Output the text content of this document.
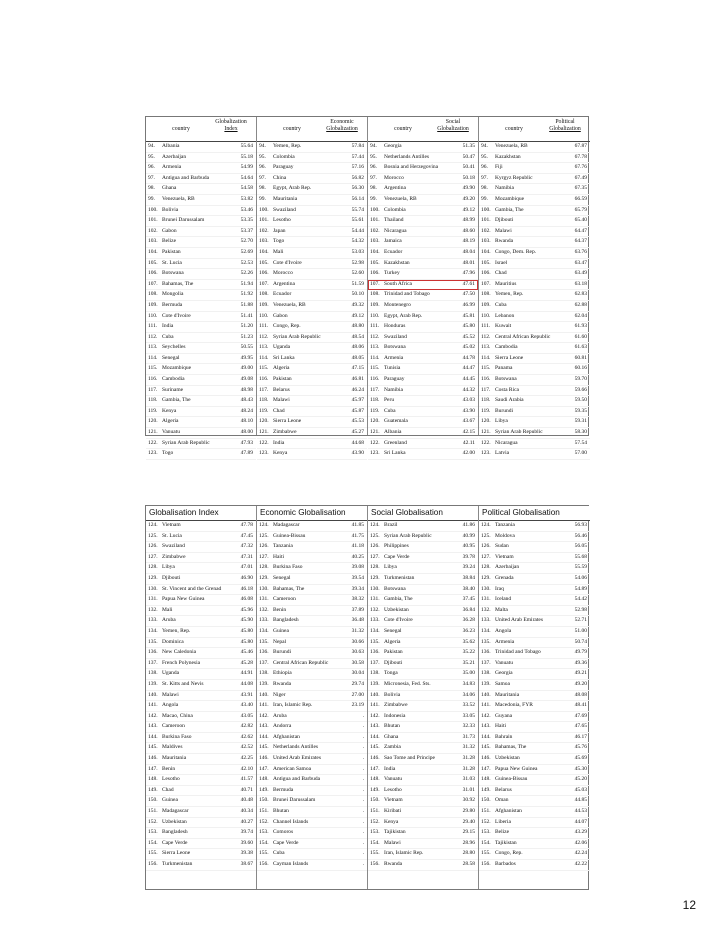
country
Globalization
Index
94.	Albania	55.64
95.	Azerbaijan	55.18
96.	Armenia	54.99
97.	Antigua and Barbuda	54.64
98.	Ghana	54.58
99.	Venezuela, RB	53.82
100. Bolivia	53.46
101. Brunei Darussalam	53.35
102. Gabon	53.37
103. Belize	52.70
104. Pakistan	52.69
105. St. Lucia	52.53
106. Botswana	52.26
107. Bahamas, The	51.94
108. Mongolia	51.92
109. Bermuda	51.88
110. Cote d'Ivoire	51.41
111. India	51.20
112. Cuba	51.23
113. Seychelles	50.55
114. Senegal	49.95
115. Mozambique	49.00
116. Cambodia	49.08
117. Suriname	48.98
118. Gambia, The	48.43
119. Kenya	48.24
120. Algeria	48.10
121. Vanuatu	48.00
122. Syrian Arab Republic	47.93
123. Togo	47.89
country
Economic
Globalization
94.	Yemen, Rep.	57.84
95.	Colombia	57.44
96.	Paraguay	57.16
97.	China	56.82
98.	Egypt, Arab Rep.	56.30
99.	Mauritania	56.14
100. Swaziland	55.74
101. Lesotho	55.61
102. Japan	54.44
103. Togo	54.32
104. Mali	53.03
105. Cote d'Ivoire	52.98
106. Morocco	52.60
107. Argentina	51.59
108. Ecuador	50.10
109. Venezuela, RB	49.32
110. Gabon	49.12
111. Congo, Rep.	48.80
112. Syrian Arab Republic	48.54
113. Uganda	48.06
114. Sri Lanka	48.05
115. Algeria	47.15
116. Pakistan	46.81
117. Belarus	46.24
118. Malawi	45.97
119. Chad	45.87
120. Sierra Leone	45.53
121. Zimbabwe	45.27
122. India	44.68
123. Kenya	43.90
country
Social
Globalization
94.	Georgia	51.35
95.	Netherlands Antilles	50.47
96.	Bosnia and Herzegovina	50.41
97.	Morocco	50.18
98.	Argentina	49.90
99.	Venezuela, RB	49.20
100. Colombia	49.12
101. Thailand	48.99
102. Nicaragua	48.60
103. Jamaica	48.19
104. Ecuador	48.04
105. Kazakhstan	48.01
106. Turkey	47.96
107. South Africa	47.61
108. Trinidad and Tobago	47.50
109. Montenegro	46.99
110. Egypt, Arab Rep.	45.81
111. Honduras	45.80
112. Swaziland	45.52
113. Botswana	45.02
114. Armenia	44.78
115. Tunisia	44.47
116. Paraguay	44.45
117. Namibia	44.32
118. Peru	43.03
119. Cuba	43.90
120. Guatemala	43.67
121. Albania	42.15
122. Greenland	42.11
123. Sri Lanka	42.00
country
Political
Globalization
94.	Venezuela, RB	67.87
95.	Kazakhstan	67.78
96.	Fiji	67.76
97.	Kyrgyz Republic	67.49
98.	Namibia	67.35
99.	Mozambique	66.59
100. Gambia, The	65.79
101. Djibouti	65.40
102. Malawi	64.47
103. Rwanda	64.37
104. Congo, Dem. Rep.	63.76
105. Israel	63.47
106. Chad	63.49
107. Mauritius	63.18
108. Yemen, Rep.	62.83
109. Cuba	62.88
110. Lebanon	62.04
111. Kuwait	61.93
112. Central African Republic	61.60
113. Cambodia	61.63
114. Sierra Leone	60.81
115. Panama	60.16
116. Botswana	59.70
117. Costa Rica	59.66
118. Saudi Arabia	59.50
119. Burundi	59.35
120. Libya	59.31
121. Syrian Arab Republic	58.30
122. Nicaragua	57.54
123. Latvia	57.00
Globalisation Index
124. Vietnam	47.78
125. St. Lucia	47.45
126. Swaziland	47.32
127. Zimbabwe	47.31
128. Libya	47.01
129. Djibouti	46.90
130. St. Vincent and the Grenad	46.18
131. Papua New Guinea	46.08
132. Mali	45.96
133. Aruba	45.90
134. Yemen, Rep.	45.80
135. Dominica	45.80
136. New Caledonia	45.46
137. French Polynesia	45.28
138. Uganda	44.91
139. St. Kitts and Nevis	44.08
140. Malawi	43.91
141. Angola	43.40
142. Macao, China	43.05
143. Cameroon	42.82
144. Burkina Faso	42.62
145. Maldives	42.52
146. Mauritania	42.25
147. Benin	42.10
148. Lesotho	41.57
149. Chad	40.71
150. Guinea	40.48
151. Madagascar	40.34
152. Uzbekistan	40.27
153. Bangladesh	39.74
154. Cape Verde	39.60
155. Sierra Leone	39.38
156. Turkmenistan	38.67
Economic Globalisation
124. Madagascar	41.85
125. Guinea-Bissau	41.75
126. Tanzania	41.18
127. Haiti	40.25
128. Burkina Faso	39.08
129. Senegal	39.54
130. Bahamas, The	39.34
131. Cameroon	38.32
132. Benin	37.89
133. Bangladesh	36.48
134. Guinea	31.32
135. Nepal	30.66
136. Burundi	30.63
137. Central African Republic	30.58
138. Ethiopia	30.04
139. Rwanda	29.74
140. Niger	27.00
141. Iran, Islamic Rep.	23.19
142. Aruba	.
143. Andorra	.
144. Afghanistan	.
145. Netherlands Antilles	.
146. United Arab Emirates	.
147. American Samoa	.
148. Antigua and Barbuda	.
149. Bermuda	.
150. Brunei Darussalam	.
151. Bhutan	.
152. Channel Islands	.
153. Comoros	.
154. Cape Verde	.
155. Cuba	.
156. Cayman Islands	.
Social Globalisation
124. Brazil	41.86
125. Syrian Arab Republic	40.99
126. Philippines	40.95
127. Cape Verde	39.78
128. Libya	39.24
129. Turkmenistan	38.84
130. Botswana	38.40
131. Gambia, The	37.45
132. Uzbekistan	36.84
133. Cote d'Ivoire	36.28
134. Senegal	36.23
135. Algeria	35.62
136. Pakistan	35.22
137. Djibouti	35.21
138. Tonga	35.00
139. Micronesia, Fed. Sts.	34.83
140. Bolivia	34.06
141. Zimbabwe	33.52
142. Indonesia	33.05
143. Bhutan	32.33
144. Ghana	31.73
145. Zambia	31.32
146. Sao Tome and Principe	31.28
147. India	31.28
148. Vanuatu	31.03
149. Lesotho	31.01
150. Vietnam	30.92
151. Kiribati	29.80
152. Kenya	29.40
153. Tajikistan	29.15
154. Malawi	28.96
155. Iran, Islamic Rep.	28.80
156. Rwanda	28.58
Political Globalisation
124. Tanzania	56.93
125. Moldova	56.46
126. Sudan	56.05
127. Vietnam	55.68
128. Azerbaijan	55.59
129. Grenada	54.06
130. Iraq	54.89
131. Iceland	54.42
132. Malta	52.98
133. United Arab Emirates	52.71
134. Angola	51.00
135. Armenia	50.74
136. Trinidad and Tobago	49.79
137. Vanuatu	49.36
138. Georgia	49.21
139. Samoa	49.20
140. Mauritania	48.08
141. Macedonia, FYR	48.41
142. Guyana	47.69
143. Haiti	47.65
144. Bahrain	46.17
145. Bahamas, The	45.76
146. Uzbekistan	45.69
147. Papua New Guinea	45.30
148. Guinea-Bissau	45.20
149. Belarus	45.03
150. Oman	44.85
151. Afghanistan	44.53
152. Liberia	44.07
153. Belize	43.29
154. Tajikistan	42.06
155. Congo, Rep.	42.24
156. Barbados	42.22
12
